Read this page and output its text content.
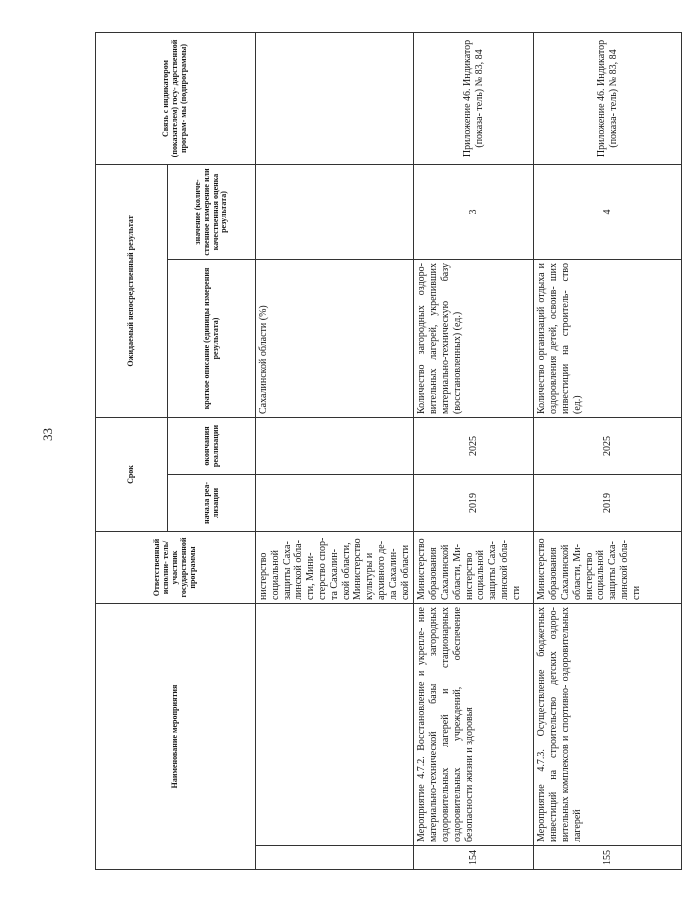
33
Наименование мероприятия		Ответственный исполни- тель/участник государственной программы	Срок		Ожидаемый непосредственный результат		Связь с индикатором (показателем) госу- дарственной програм- мы (подпрограммы)
			начала реа- лизации	окончания реализации	краткое описание (единицы измерения результата)	значение (количе- ственное измерение или качественная оценка результата)	
		нистерство социальной защиты Саха- линской обла- сти, Мини- стерство спор- та Сахалин- ской области, Министерство культуры и архивного де- ла Сахалин- ской области			Сахалинской области (%)		
154	Мероприятие 4.7.2. Восстановление и укрепле- ние материально-технической базы загородных оздоровительных лагерей и стационарных оздоровительных учреждений, обеспечение безопасности жизни и здоровья	Министерство образования Сахалинской области, Ми- нистерство социальной защиты Саха- линской обла- сти	2019	2025	Количество загородных оздоро- вительных лагерей, укрепивших материально-техническую базу (восстановленных) (ед.)	3	Приложение 46. Индикатор (показа- тель) № 83, 84
155	Мероприятие 4.7.3. Осуществление бюджетных инвестиций на строительство детских оздоро- вительных комплексов и спортивно- оздоровительных лагерей	Министерство образования Сахалинской области, Ми- нистерство социальной защиты Саха- линской обла- сти	2019	2025	Количество организаций отдыха и оздоровления детей, освоив- ших инвестиции на строитель- ство (ед.)	4	Приложение 46. Индикатор (показа- тель) № 83, 84
